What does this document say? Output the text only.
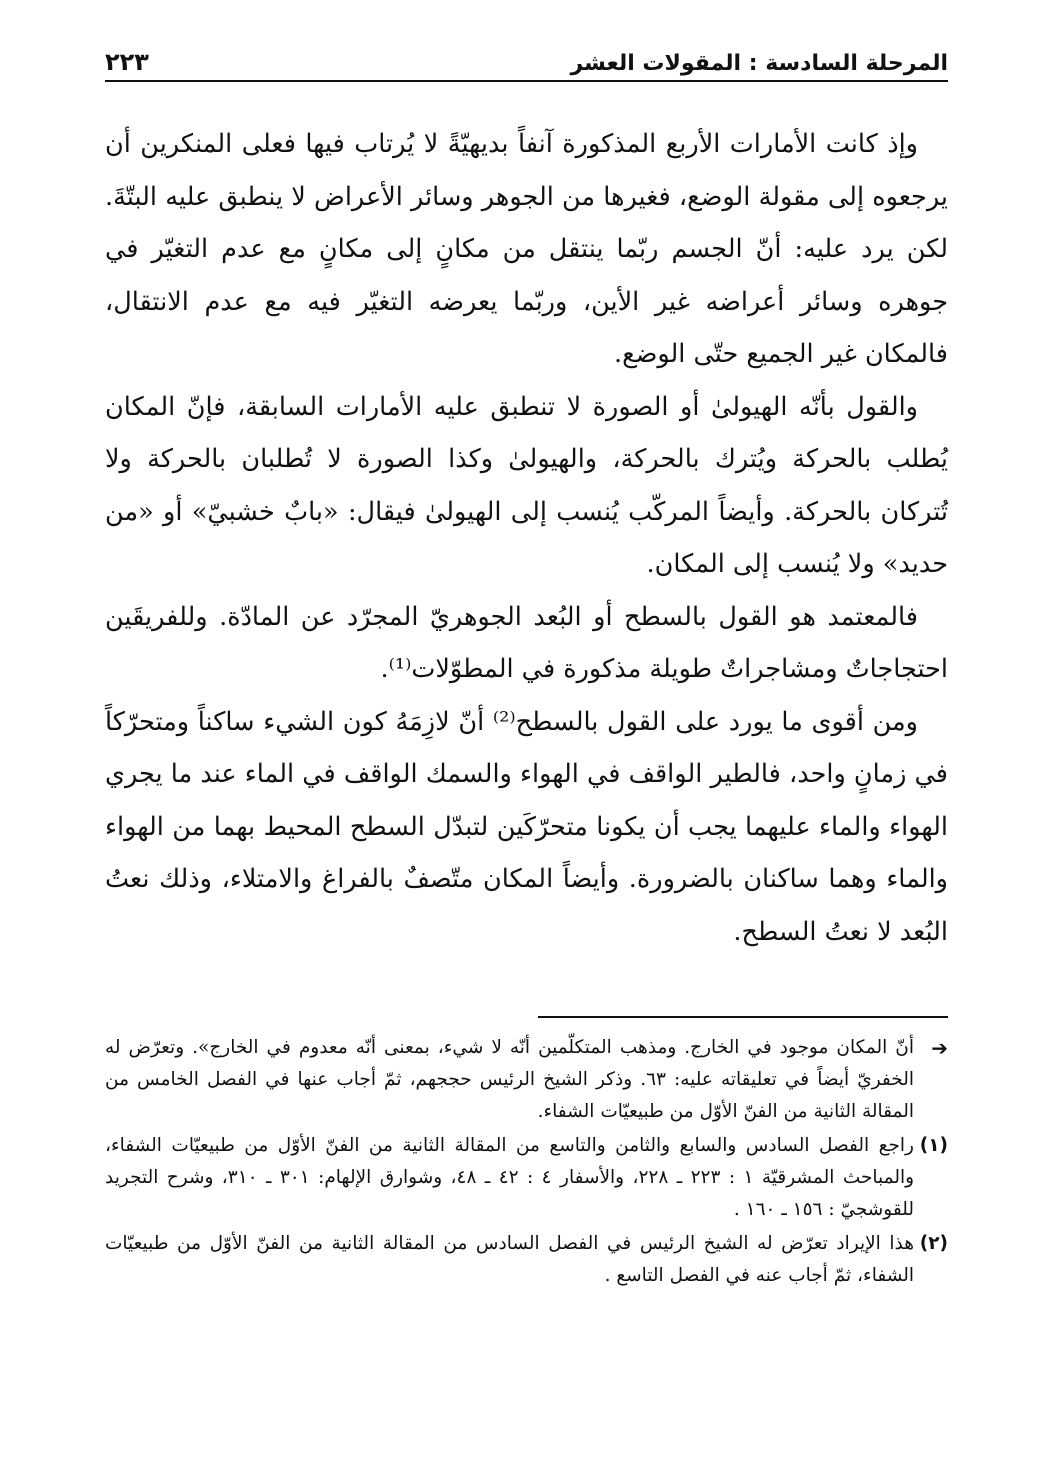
المرحلة السادسة : المقولات العشر
٢٢٣

وإذ كانت الأمارات الأربع المذكورة آنفاً بديهيّةً لا يُرتاب فيها فعلى المنكرين أن يرجعوه إلى مقولة الوضع، فغيرها من الجوهر وسائر الأعراض لا ينطبق عليه البتّةَ. لكن يرد عليه: أنّ الجسم ربّما ينتقل من مكانٍ إلى مكانٍ مع عدم التغيّر في جوهره وسائر أعراضه غير الأين، وربّما يعرضه التغيّر فيه مع عدم الانتقال، فالمكان غير الجميع حتّى الوضع.

والقول بأنّه الهيولىٰ أو الصورة لا تنطبق عليه الأمارات السابقة، فإنّ المكان يُطلب بالحركة ويُترك بالحركة، والهيولىٰ وكذا الصورة لا تُطلبان بالحركة ولا تُتركان بالحركة. وأيضاً المركّب يُنسب إلى الهيولىٰ فيقال: «بابٌ خشبيّ» أو «من حديد» ولا يُنسب إلى المكان.

فالمعتمد هو القول بالسطح أو البُعد الجوهريّ المجرّد عن المادّة. وللفريقَين احتجاجاتٌ ومشاجراتٌ طويلة مذكورة في المطوّلات⁽¹⁾.

ومن أقوى ما يورد على القول بالسطح⁽²⁾ أنّ لازِمَهُ كون الشيء ساكناً ومتحرّكاً في زمانٍ واحد، فالطير الواقف في الهواء والسمك الواقف في الماء عند ما يجري الهواء والماء عليهما يجب أن يكونا متحرّكَين لتبدّل السطح المحيط بهما من الهواء والماء وهما ساكنان بالضرورة. وأيضاً المكان متّصفٌ بالفراغ والامتلاء، وذلك نعتُ البُعد لا نعتُ السطح.

➔
أنّ المكان موجود في الخارج. ومذهب المتكلّمين أنّه لا شيء، بمعنى أنّه معدوم في الخارج». وتعرّض له الخفريّ أيضاً في تعليقاته عليه: ٦٣. وذكر الشيخ الرئيس حججهم، ثمّ أجاب عنها في الفصل الخامس من المقالة الثانية من الفنّ الأوّل من طبيعيّات الشفاء.
(١)
راجع الفصل السادس والسابع والثامن والتاسع من المقالة الثانية من الفنّ الأوّل من طبيعيّات الشفاء، والمباحث المشرقيّة ١ : ٢٢٣ ـ ٢٢٨، والأسفار ٤ : ٤٢ ـ ٤٨، وشوارق الإلهام: ٣٠١ ـ ٣١٠، وشرح التجريد للقوشجيّ : ١٥٦ ـ ١٦٠ .
(٢)
هذا الإيراد تعرّض له الشيخ الرئيس في الفصل السادس من المقالة الثانية من الفنّ الأوّل من طبيعيّات الشفاء، ثمّ أجاب عنه في الفصل التاسع .
